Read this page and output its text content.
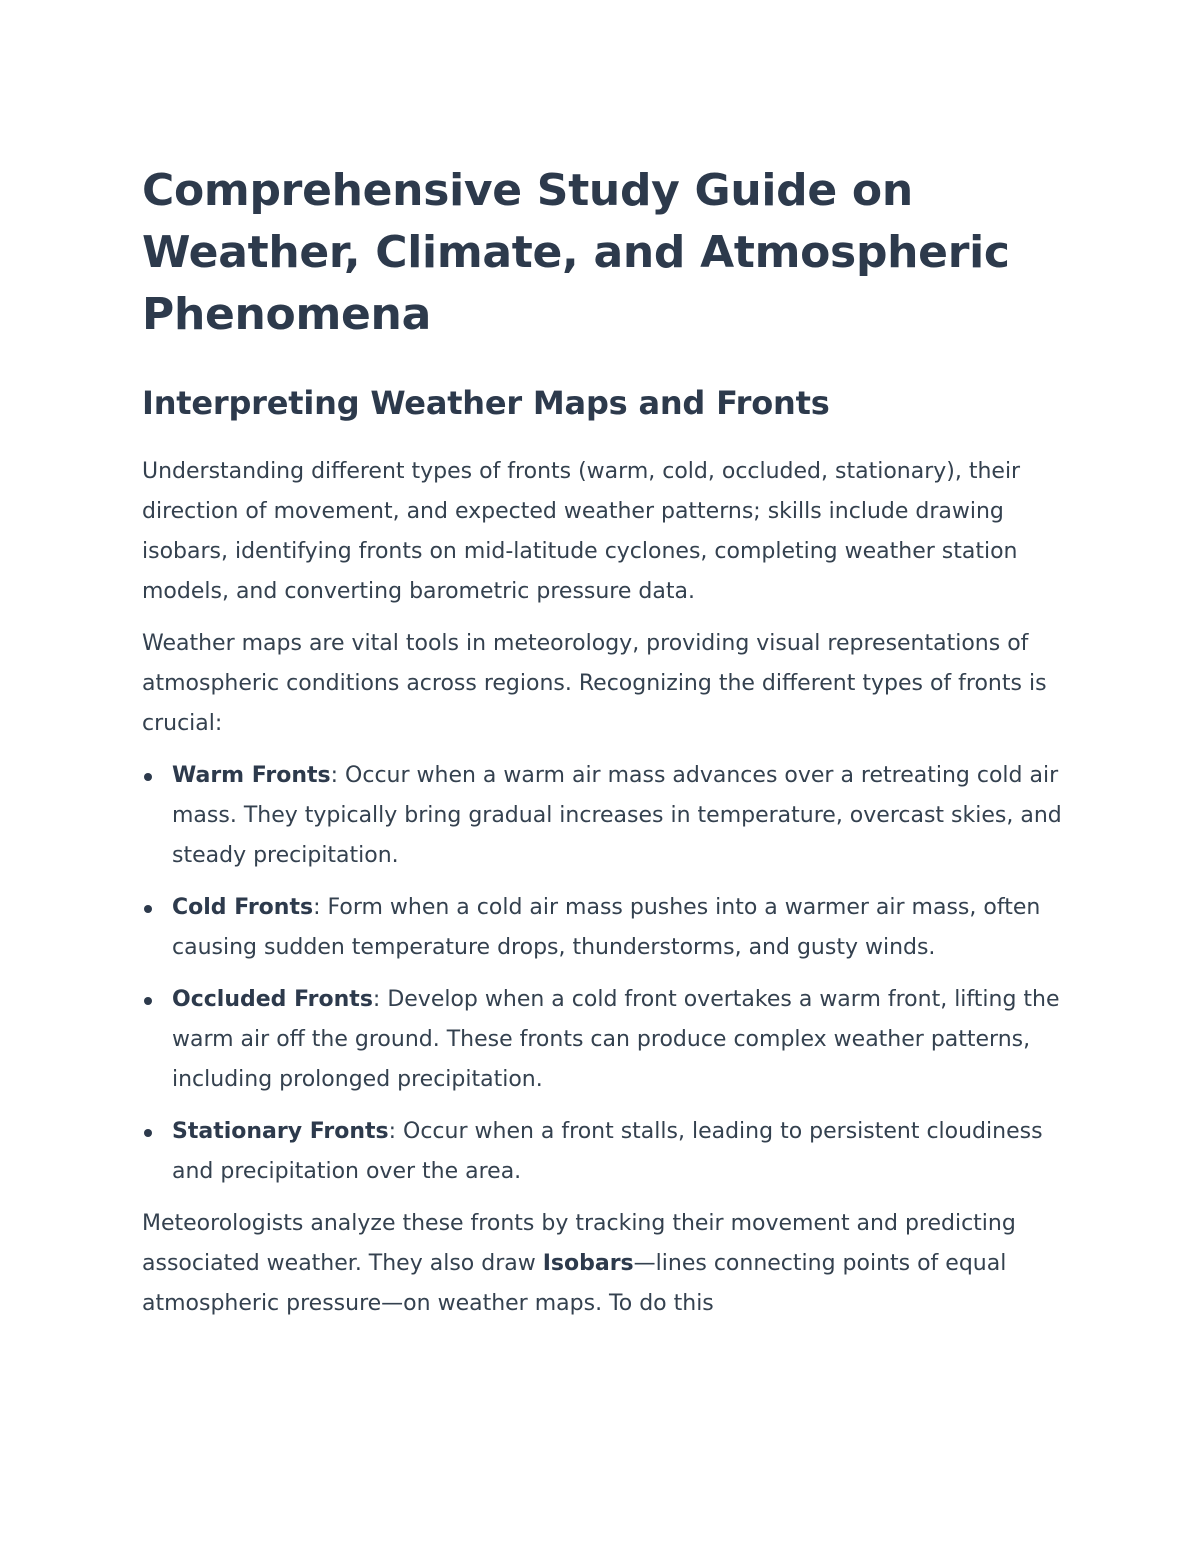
Comprehensive Study Guide on Weather, Climate, and Atmospheric Phenomena
Interpreting Weather Maps and Fronts

Understanding different types of fronts (warm, cold, occluded, stationary), their direction of movement, and expected weather patterns; skills include drawing isobars, identifying fronts on mid-latitude cyclones, completing weather station models, and converting barometric pressure data.

Weather maps are vital tools in meteorology, providing visual representations of atmospheric conditions across regions. Recognizing the different types of fronts is crucial:

Warm Fronts: Occur when a warm air mass advances over a retreating cold air mass. They typically bring gradual increases in temperature, overcast skies, and steady precipitation.
Cold Fronts: Form when a cold air mass pushes into a warmer air mass, often causing sudden temperature drops, thunderstorms, and gusty winds.
Occluded Fronts: Develop when a cold front overtakes a warm front, lifting the warm air off the ground. These fronts can produce complex weather patterns, including prolonged precipitation.
Stationary Fronts: Occur when a front stalls, leading to persistent cloudiness and precipitation over the area.

Meteorologists analyze these fronts by tracking their movement and predicting associated weather. They also draw Isobars—lines connecting points of equal atmospheric pressure—on weather maps. To do this
